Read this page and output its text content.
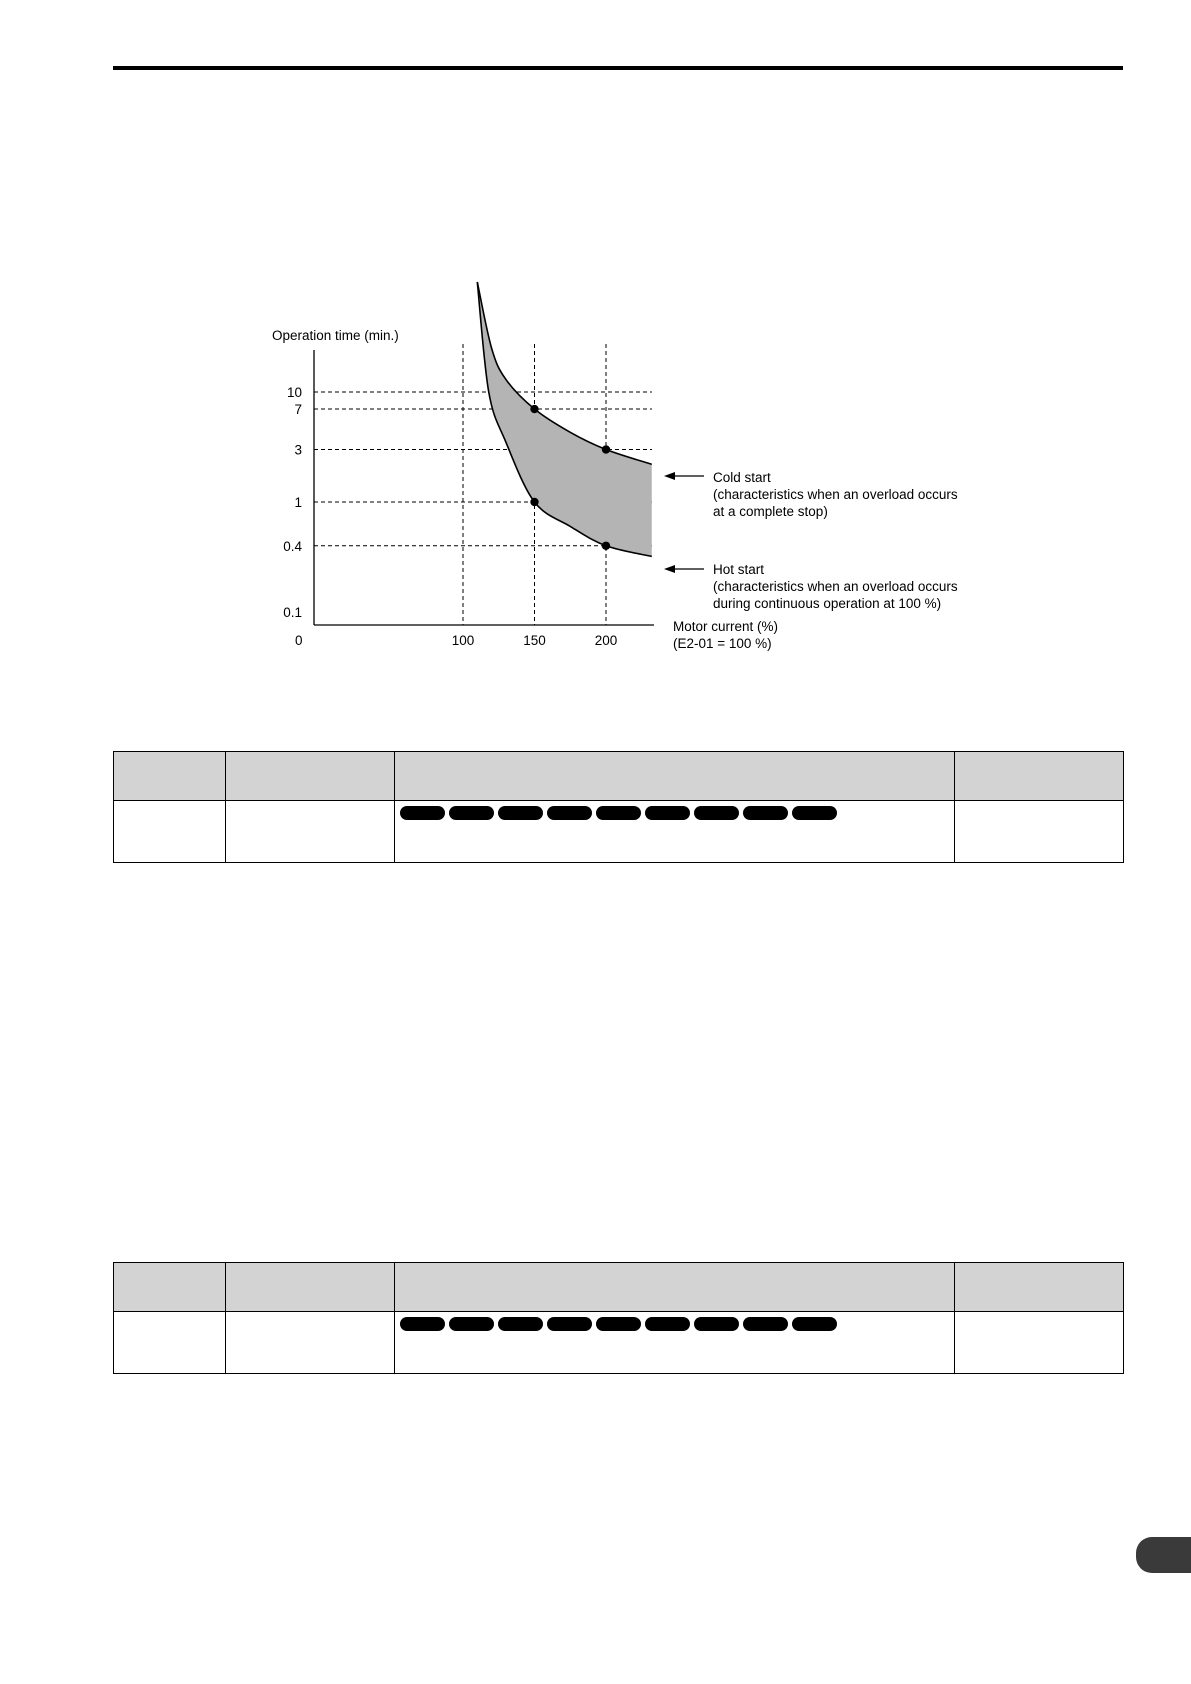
10
7
3
1
0.4
0.1
100	150	200
Operation time (min.)
0
Motor current (%)
(E2-01 = 100 %)
Cold start
(characteristics when an overload occurs
at a complete stop)
Hot start
(characteristics when an overload occurs
during continuous operation at 100 %)
